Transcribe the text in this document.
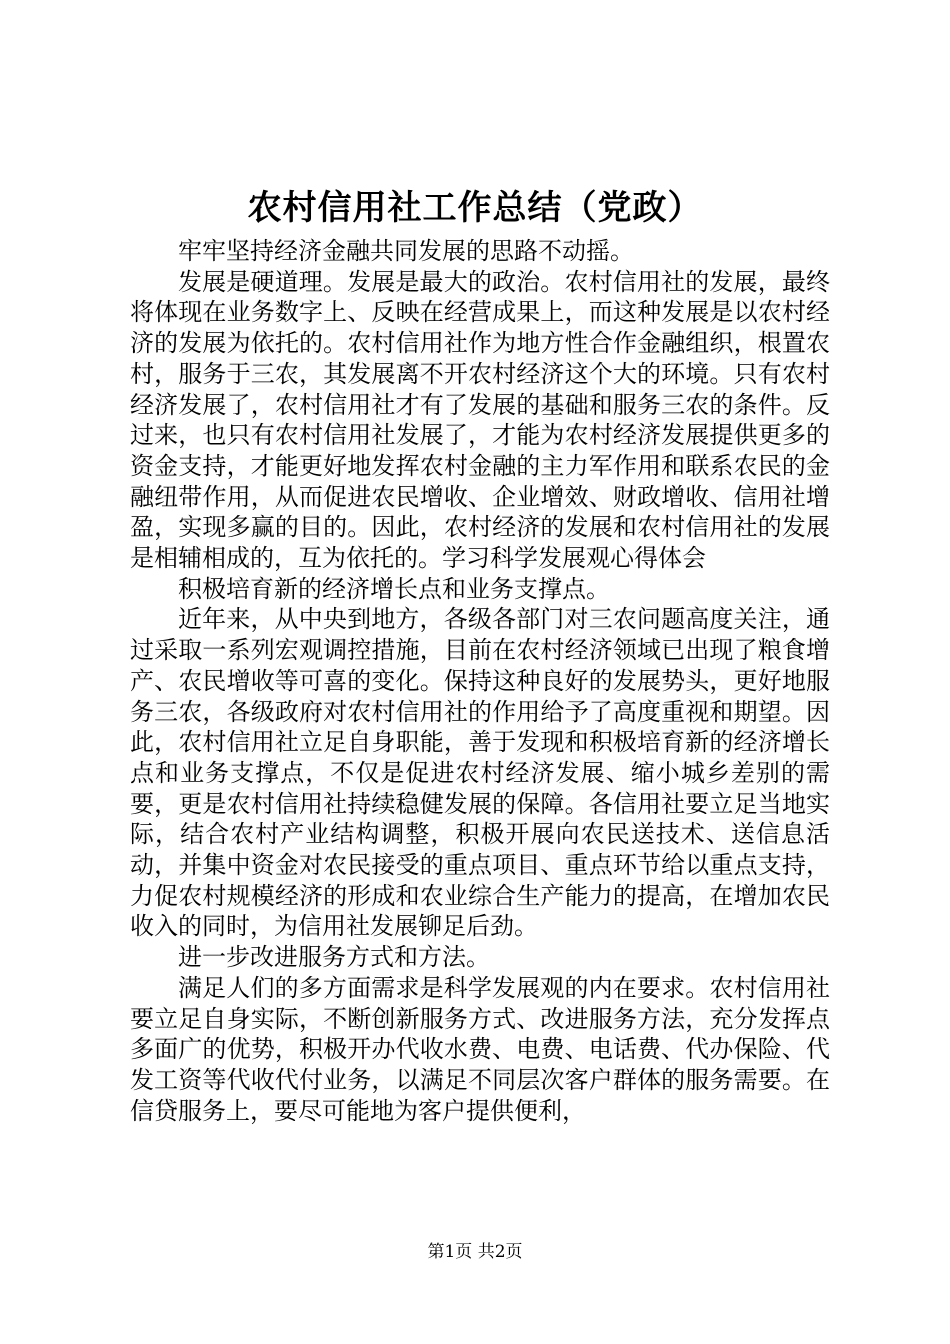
农村信用社工作总结（党政）

牢牢坚持经济金融共同发展的思路不动摇。

发展是硬道理。发展是最大的政治。农村信用社的发展，最终将体现在业务数字上、反映在经营成果上，而这种发展是以农村经济的发展为依托的。农村信用社作为地方性合作金融组织，根置农村，服务于三农，其发展离不开农村经济这个大的环境。只有农村经济发展了，农村信用社才有了发展的基础和服务三农的条件。反过来，也只有农村信用社发展了，才能为农村经济发展提供更多的资金支持，才能更好地发挥农村金融的主力军作用和联系农民的金融纽带作用，从而促进农民增收、企业增效、财政增收、信用社增盈，实现多赢的目的。因此，农村经济的发展和农村信用社的发展是相辅相成的，互为依托的。学习科学发展观心得体会

积极培育新的经济增长点和业务支撑点。

近年来，从中央到地方，各级各部门对三农问题高度关注，通过采取一系列宏观调控措施，目前在农村经济领域已出现了粮食增产、农民增收等可喜的变化。保持这种良好的发展势头，更好地服务三农，各级政府对农村信用社的作用给予了高度重视和期望。因此，农村信用社立足自身职能，善于发现和积极培育新的经济增长点和业务支撑点，不仅是促进农村经济发展、缩小城乡差别的需要，更是农村信用社持续稳健发展的保障。各信用社要立足当地实际，结合农村产业结构调整，积极开展向农民送技术、送信息活动，并集中资金对农民接受的重点项目、重点环节给以重点支持，力促农村规模经济的形成和农业综合生产能力的提高，在增加农民收入的同时，为信用社发展铆足后劲。

进一步改进服务方式和方法。

满足人们的多方面需求是科学发展观的内在要求。农村信用社要立足自身实际，不断创新服务方式、改进服务方法，充分发挥点多面广的优势，积极开办代收水费、电费、电话费、代办保险、代发工资等代收代付业务，以满足不同层次客户群体的服务需要。在信贷服务上，要尽可能地为客户提供便利，

第1页 共2页
